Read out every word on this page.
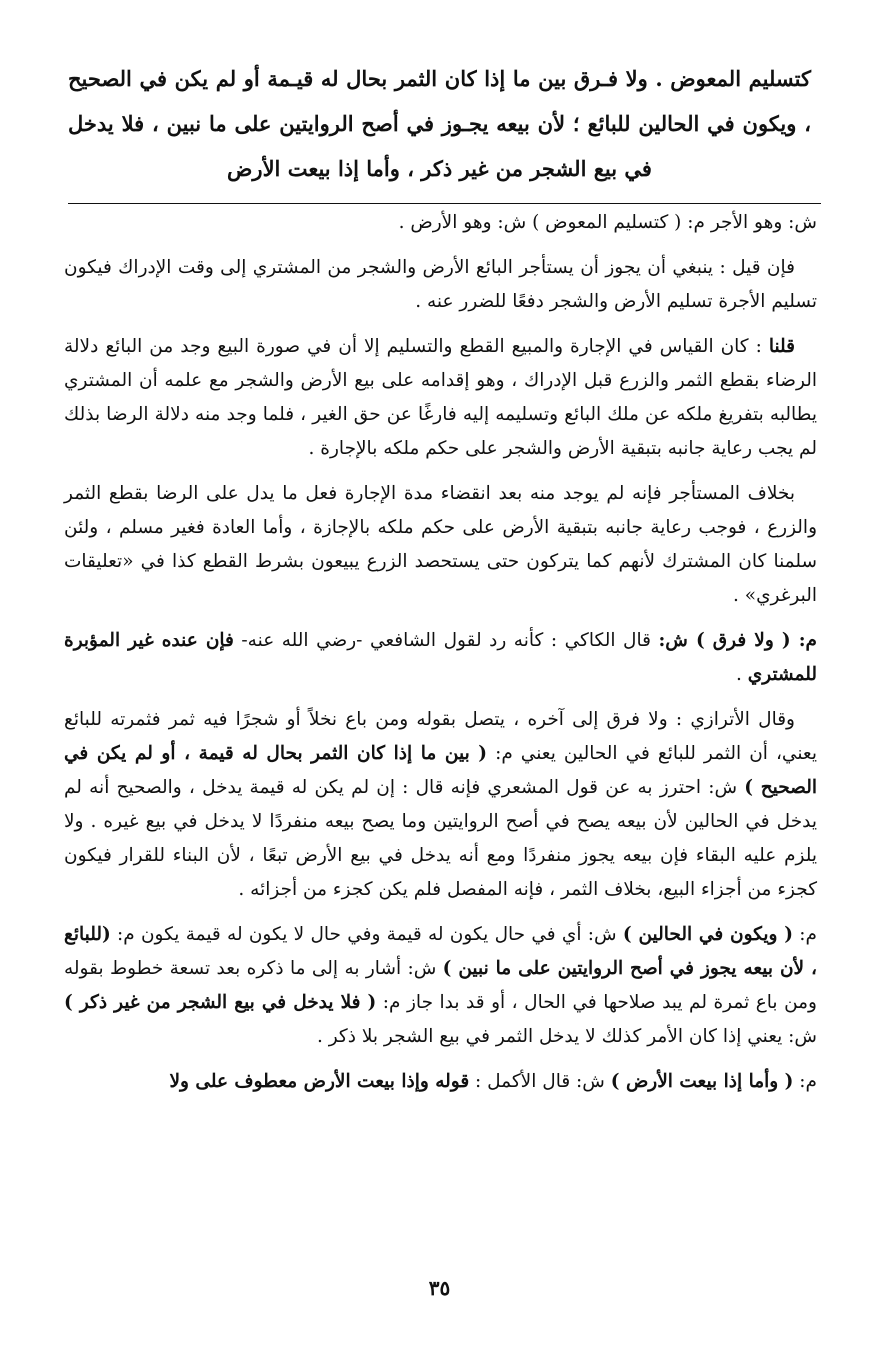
كتسليم المعوض . ولا فـرق بين ما إذا كان الثمر بحال له قيـمة أو لم يكن في الصحيح ، ويكون في الحالين للبائع ؛ لأن بيعه يجـوز في أصح الروايتين على ما نبين ، فلا يدخل في بيع الشجر من غير ذكر ، وأما إذا بيعت الأرض

ش: وهو الأجر م: ( كتسليم المعوض ) ش: وهو الأرض .

فإن قيل : ينبغي أن يجوز أن يستأجر البائع الأرض والشجر من المشتري إلى وقت الإدراك فيكون تسليم الأجرة تسليم الأرض والشجر دفعًا للضرر عنه .

قلنا : كان القياس في الإجارة والمبيع القطع والتسليم إلا أن في صورة البيع وجد من البائع دلالة الرضاء بقطع الثمر والزرع قبل الإدراك ، وهو إقدامه على بيع الأرض والشجر مع علمه أن المشتري يطالبه بتفريغ ملكه عن ملك البائع وتسليمه إليه فارغًا عن حق الغير ، فلما وجد منه دلالة الرضا بذلك لم يجب رعاية جانبه بتبقية الأرض والشجر على حكم ملكه بالإجارة .

بخلاف المستأجر فإنه لم يوجد منه بعد انقضاء مدة الإجارة فعل ما يدل على الرضا بقطع الثمر والزرع ، فوجب رعاية جانبه بتبقية الأرض على حكم ملكه بالإجازة ، وأما العادة فغير مسلم ، ولئن سلمنا كان المشترك لأنهم كما يتركون حتى يستحصد الزرع يبيعون بشرط القطع كذا في «تعليقات البرغري» .

م: ( ولا فرق ) ش: قال الكاكي : كأنه رد لقول الشافعي -رضي الله عنه- فإن عنده غير المؤبرة للمشتري .

وقال الأترازي : ولا فرق إلى آخره ، يتصل بقوله ومن باع نخلاً أو شجرًا فيه ثمر فثمرته للبائع يعني، أن الثمر للبائع في الحالين يعني م: ( بين ما إذا كان الثمر بحال له قيمة ، أو لم يكن في الصحيح ) ش: احترز به عن قول المشعري فإنه قال : إن لم يكن له قيمة يدخل ، والصحيح أنه لم يدخل في الحالين لأن بيعه يصح في أصح الروايتين وما يصح بيعه منفردًا لا يدخل في بيع غيره . ولا يلزم عليه البقاء فإن بيعه يجوز منفردًا ومع أنه يدخل في بيع الأرض تبعًا ، لأن البناء للقرار فيكون كجزء من أجزاء البيع، بخلاف الثمر ، فإنه المفصل فلم يكن كجزء من أجزائه .

م: ( ويكون في الحالين ) ش: أي في حال يكون له قيمة وفي حال لا يكون له قيمة يكون م: (للبائع ، لأن بيعه يجوز في أصح الروايتين على ما نبين ) ش: أشار به إلى ما ذكره بعد تسعة خطوط بقوله ومن باع ثمرة لم يبد صلاحها في الحال ، أو قد بدا جاز م: ( فلا يدخل في بيع الشجر من غير ذكر ) ش: يعني إذا كان الأمر كذلك لا يدخل الثمر في بيع الشجر بلا ذكر .

م: ( وأما إذا بيعت الأرض ) ش: قال الأكمل : قوله وإذا بيعت الأرض معطوف على ولا

٣٥
